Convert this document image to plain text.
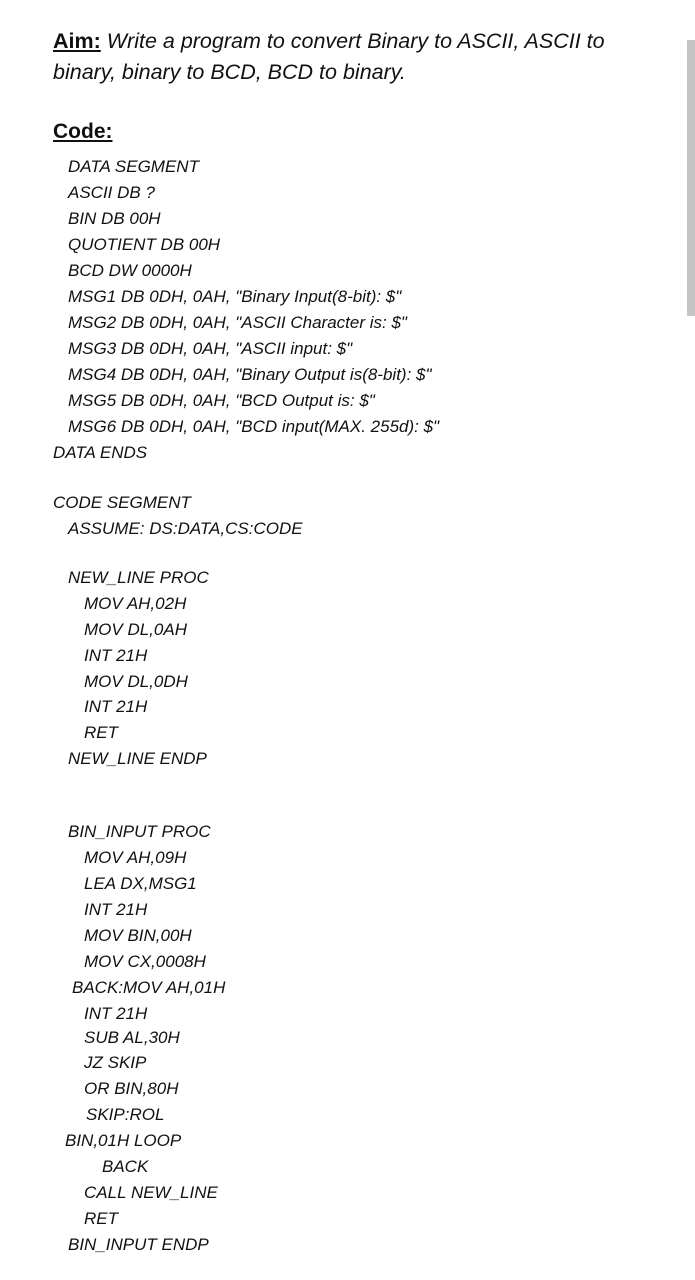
Aim: Write a program to convert Binary to ASCII, ASCII to binary, binary to BCD, BCD to binary.
Code:
DATA SEGMENT
ASCII DB ?
BIN DB 00H
QUOTIENT DB 00H
BCD DW 0000H
MSG1 DB 0DH, 0AH, "Binary Input(8-bit): $"
MSG2 DB 0DH, 0AH, "ASCII Character is: $"
MSG3 DB 0DH, 0AH, "ASCII input: $"
MSG4 DB 0DH, 0AH, "Binary Output is(8-bit): $"
MSG5 DB 0DH, 0AH, "BCD Output is: $"
MSG6 DB 0DH, 0AH, "BCD input(MAX. 255d): $"
DATA ENDS
CODE SEGMENT
ASSUME: DS:DATA,CS:CODE
NEW_LINE PROC
MOV AH,02H
MOV DL,0AH
INT 21H
MOV DL,0DH
INT 21H
RET
NEW_LINE ENDP
BIN_INPUT PROC
MOV AH,09H
LEA DX,MSG1
INT 21H
MOV BIN,00H
MOV CX,0008H
BACK:MOV AH,01H
INT 21H
SUB AL,30H
JZ SKIP
OR BIN,80H
SKIP:ROL
BIN,01H LOOP
BACK
CALL NEW_LINE
RET
BIN_INPUT ENDP
